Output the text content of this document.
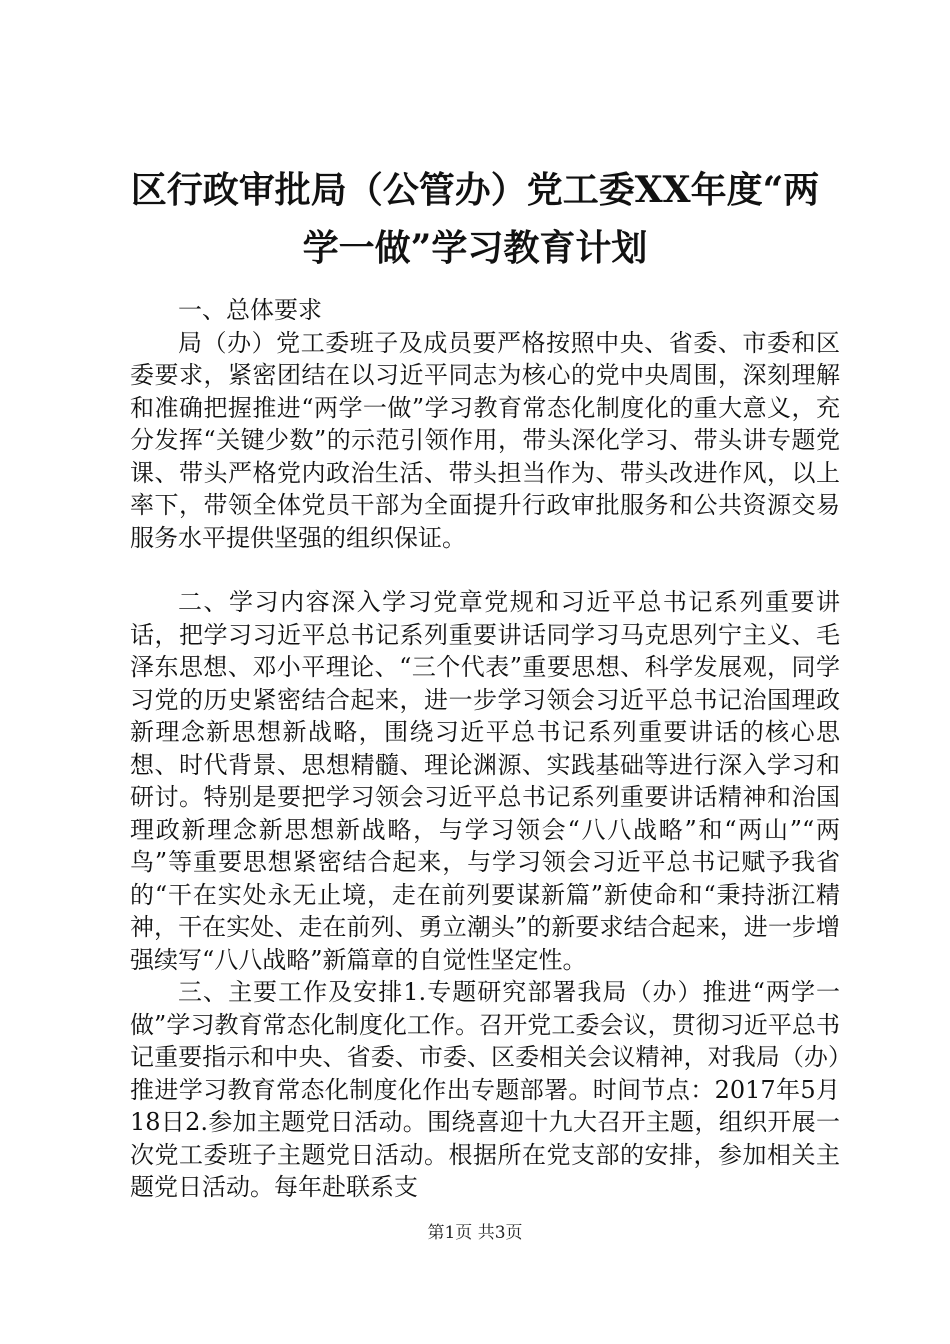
区行政审批局（公管办）党工委XX年度“两
学一做”学习教育计划

一、总体要求

局（办）党工委班子及成员要严格按照中央、省委、市委和区委要求，紧密团结在以习近平同志为核心的党中央周围，深刻理解和准确把握推进“两学一做”学习教育常态化制度化的重大意义，充分发挥“关键少数”的示范引领作用，带头深化学习、带头讲专题党课、带头严格党内政治生活、带头担当作为、带头改进作风，以上率下，带领全体党员干部为全面提升行政审批服务和公共资源交易服务水平提供坚强的组织保证。

二、学习内容深入学习党章党规和习近平总书记系列重要讲话，把学习习近平总书记系列重要讲话同学习马克思列宁主义、毛泽东思想、邓小平理论、“三个代表”重要思想、科学发展观，同学习党的历史紧密结合起来，进一步学习领会习近平总书记治国理政新理念新思想新战略，围绕习近平总书记系列重要讲话的核心思想、时代背景、思想精髓、理论渊源、实践基础等进行深入学习和研讨。特别是要把学习领会习近平总书记系列重要讲话精神和治国理政新理念新思想新战略，与学习领会“八八战略”和“两山”“两鸟”等重要思想紧密结合起来，与学习领会习近平总书记赋予我省的“干在实处永无止境，走在前列要谋新篇”新使命和“秉持浙江精神，干在实处、走在前列、勇立潮头”的新要求结合起来，进一步增强续写“八八战略”新篇章的自觉性坚定性。

三、主要工作及安排1.专题研究部署我局（办）推进“两学一做”学习教育常态化制度化工作。召开党工委会议，贯彻习近平总书记重要指示和中央、省委、市委、区委相关会议精神，对我局（办）推进学习教育常态化制度化作出专题部署。时间节点：2017年5月18日2.参加主题党日活动。围绕喜迎十九大召开主题，组织开展一次党工委班子主题党日活动。根据所在党支部的安排，参加相关主题党日活动。每年赴联系支

第1页 共3页
